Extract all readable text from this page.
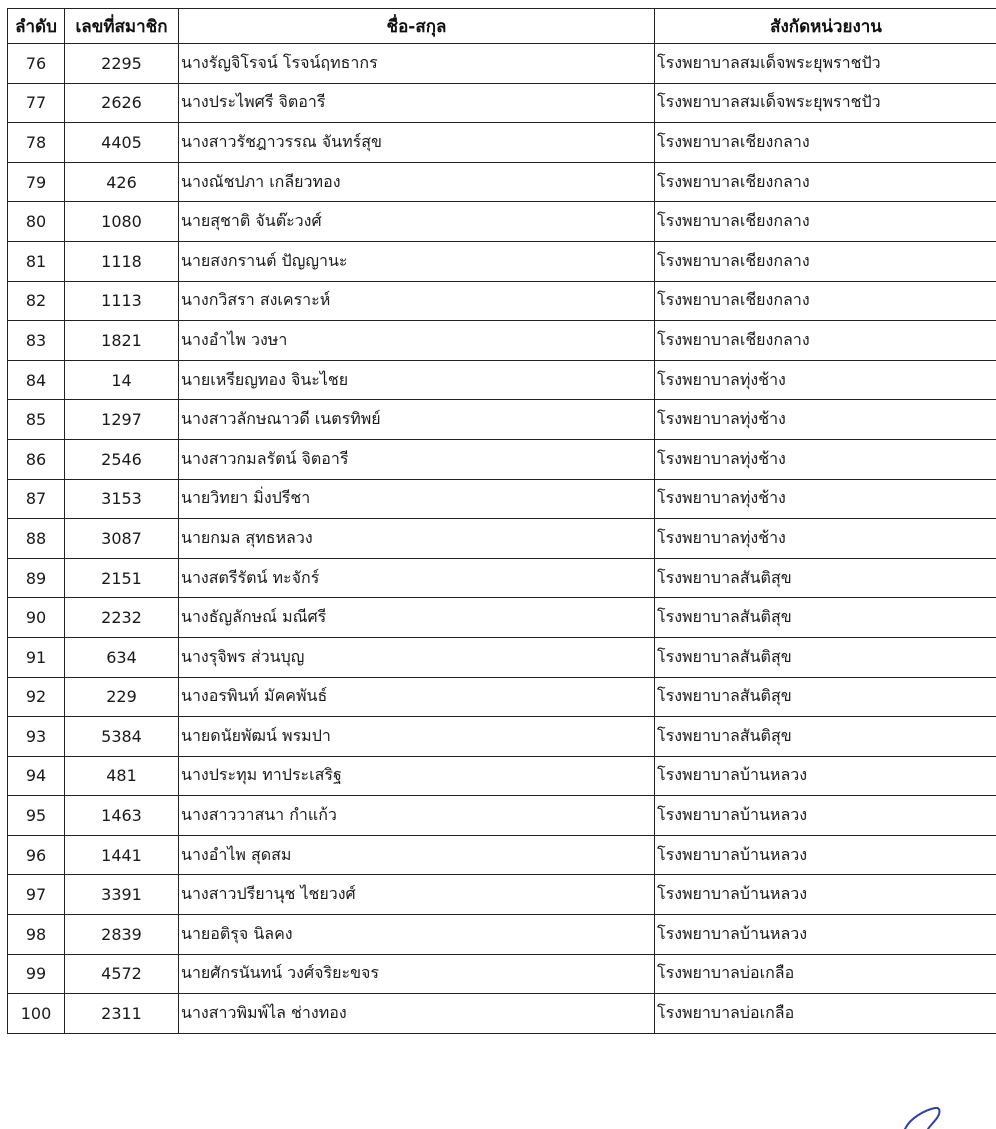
ลำดับ	เลขที่สมาชิก	ชื่อ-สกุล	สังกัดหน่วยงาน
76	2295	นางรัญจิโรจน์ โรจน์ฤทธากร	โรงพยาบาลสมเด็จพระยุพราชปัว
77	2626	นางประไพศรี จิตอารี	โรงพยาบาลสมเด็จพระยุพราชปัว
78	4405	นางสาวรัชฎาวรรณ จันทร์สุข	โรงพยาบาลเชียงกลาง
79	426	นางณัชปภา เกลียวทอง	โรงพยาบาลเชียงกลาง
80	1080	นายสุชาติ จันต๊ะวงศ์	โรงพยาบาลเชียงกลาง
81	1118	นายสงกรานต์ ปัญญานะ	โรงพยาบาลเชียงกลาง
82	1113	นางกวิสรา สงเคราะห์	โรงพยาบาลเชียงกลาง
83	1821	นางอำไพ วงษา	โรงพยาบาลเชียงกลาง
84	14	นายเหรียญทอง จินะไชย	โรงพยาบาลทุ่งช้าง
85	1297	นางสาวลักษณาวดี เนตรทิพย์	โรงพยาบาลทุ่งช้าง
86	2546	นางสาวกมลรัตน์ จิตอารี	โรงพยาบาลทุ่งช้าง
87	3153	นายวิทยา มิ่งปรีชา	โรงพยาบาลทุ่งช้าง
88	3087	นายกมล สุทธหลวง	โรงพยาบาลทุ่งช้าง
89	2151	นางสตรีรัตน์ ทะจักร์	โรงพยาบาลสันติสุข
90	2232	นางธัญลักษณ์ มณีศรี	โรงพยาบาลสันติสุข
91	634	นางรุจิพร ส่วนบุญ	โรงพยาบาลสันติสุข
92	229	นางอรพินท์ มัคคพันธ์	โรงพยาบาลสันติสุข
93	5384	นายดนัยพัฒน์ พรมปา	โรงพยาบาลสันติสุข
94	481	นางประทุม ทาประเสริฐ	โรงพยาบาลบ้านหลวง
95	1463	นางสาววาสนา กำแก้ว	โรงพยาบาลบ้านหลวง
96	1441	นางอำไพ สุดสม	โรงพยาบาลบ้านหลวง
97	3391	นางสาวปรียานุช ไชยวงศ์	โรงพยาบาลบ้านหลวง
98	2839	นายอติรุจ นิลคง	โรงพยาบาลบ้านหลวง
99	4572	นายศักรนันทน์ วงศ์จริยะขจร	โรงพยาบาลบ่อเกลือ
100	2311	นางสาวพิมพ์ไล ช่างทอง	โรงพยาบาลบ่อเกลือ
